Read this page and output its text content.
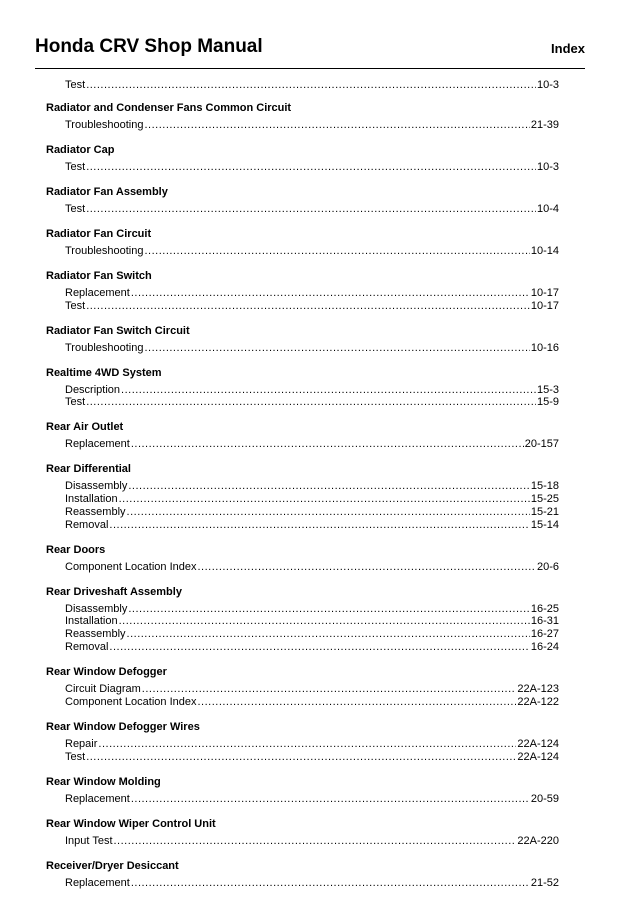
Honda CRV Shop Manual	Index
Test .....	10-3
Radiator and Condenser Fans Common Circuit
Troubleshooting .....	21-39
Radiator Cap
Test .....	10-3
Radiator Fan Assembly
Test .....	10-4
Radiator Fan Circuit
Troubleshooting .....	10-14
Radiator Fan Switch
Replacement .....	10-17
Test .....	10-17
Radiator Fan Switch Circuit
Troubleshooting .....	10-16
Realtime 4WD System
Description .....	15-3
Test .....	15-9
Rear Air Outlet
Replacement .....	20-157
Rear Differential
Disassembly .....	15-18
Installation .....	15-25
Reassembly .....	15-21
Removal .....	15-14
Rear Doors
Component Location Index .....	20-6
Rear Driveshaft Assembly
Disassembly .....	16-25
Installation .....	16-31
Reassembly .....	16-27
Removal .....	16-24
Rear Window Defogger
Circuit Diagram .....	22A-123
Component Location Index .....	22A-122
Rear Window Defogger Wires
Repair .....	22A-124
Test .....	22A-124
Rear Window Molding
Replacement .....	20-59
Rear Window Wiper Control Unit
Input Test .....	22A-220
Receiver/Dryer Desiccant
Replacement .....	21-52
